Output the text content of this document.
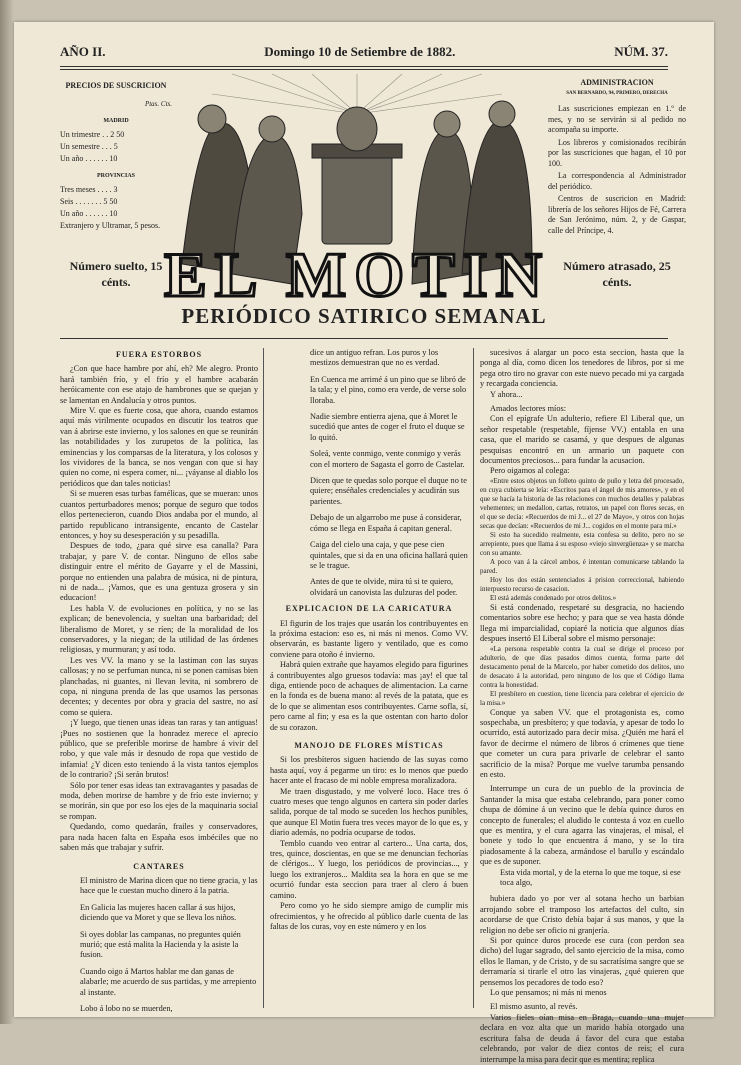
AÑO II.	Domingo 10 de Setiembre de 1882.	NÚM. 37.
PRECIOS DE SUSCRICION
Ptas. Cts.
MADRID
Un trimestre . . 2 50
Un semestre . . . 5
Un año . . . . . . 10
PROVINCIAS
Tres meses . . . . 3
Seis . . . . . . . 5 50
Un año . . . . . . 10
Extranjero y Ultramar, 5 pesos.
Número suelto, 15 cénts. EL MOTIN
ADMINISTRACION
SAN BERNARDO, 94, PRIMERO, DERECHA

Las suscriciones empiezan en 1.º de mes, y no se servirán si al pedido no acompaña su importe.

Los libreros y comisionados recibirán por las suscriciones que hagan, el 10 por 100.

La correspondencia al Administrador del periódico.

Centros de suscricion en Madrid: librería de los señores Hijos de Fé, Carrera de San Jerónimo, núm. 2, y de Gaspar, calle del Príncipe, 4.

Número atrasado, 25 cénts.
PERIÓDICO SATIRICO SEMANAL
FUERA ESTORBOS

¿Con que hace hambre por ahí, eh? Me alegro. Pronto hará también frío, y el frío y el hambre acabarán heróicamente con ese atajo de hambrones que se quejan y se lamentan en Andalucía y otros puntos.

Mire V. que es fuerte cosa, que ahora, cuando estamos aquí más virilmente ocupados en discutir los teatros que van á abrirse este invierno, y los salones en que se reunirán las notabilidades y los zurupetos de la política, las eminencias y los comparsas de la literatura, y los colosos y los vividores de la banca, se nos vengan con que si hay quien no come, ni espera comer, ni... ¡váyanse al diablo los periódicos que dan tales noticias!

Si se mueren esas turbas famélicas, que se mueran: unos cuantos perturbadores menos; porque de seguro que todos ellos pertenecieron, cuando Dios andaba por el mundo, al partido republicano intransigente, encanto de Castelar entonces, y hoy su desesperación y su pesadilla.

Despues de todo, ¿para qué sirve esa canalla? Para trabajar, y pare V. de contar. Ninguno de ellos sabe distinguir entre el mérito de Gayarre y el de Massini, porque no entienden una palabra de música, ni de pintura, ni de nada... ¡Vamos, que es una gentuza grosera y sin educacion!

Les habla V. de evoluciones en política, y no se las explican; de benevolencia, y sueltan una barbaridad; del liberalismo de Moret, y se ríen; de la moralidad de los conservadores, y la niegan; de la utilidad de las órdenes religiosas, y murmuran; y así todo.

Les ves VV. la mano y se la lastiman con las suyas callosas; y no se perfuman nunca, ni se ponen camisas bien planchadas, ni guantes, ni llevan levita, ni sombrero de copa, ni ninguna prenda de las que usamos las personas decentes; y decentes por obra y gracia del sastre, no así como se quiera.

¡Y luego, que tienen unas ideas tan raras y tan antiguas! ¡Pues no sostienen que la honradez merece el aprecio público, que se preferible morirse de hambre á vivir del robo, y que vale más ir desnudo de ropa que vestido de infamia! ¿Y dicen esto teniendo á la vista tantos ejemplos de lo contrario? ¡Si serán brutos!

Sólo por tener esas ideas tan extravagantes y pasadas de moda, deben morirse de hambre y de frío este invierno; y se morirán, sin que por eso los ejes de la maquinaria social se rompan.

Quedando, como quedarán, frailes y conservadores, para nada hacen falta en España esos imbéciles que no saben más que trabajar y sufrir.

CANTARES

El ministro de Marina dicen que no tiene gracia, y las hace que le cuestan mucho dinero á la patria.

En Galicia las mujeres hacen callar á sus hijos, diciendo que va Moret y que se lleva los niños.

Si oyes doblar las campanas, no preguntes quién murió; que está malita la Hacienda y la asiste la fusion.

Cuando oigo á Martos hablar me dan ganas de alabarle; me acuerdo de sus partidas, y me arrepiento al instante.

Lobo á lobo no se muerden,

dice un antiguo refran. Los puros y los mestizos demuestran que no es verdad.

En Cuenca me arrimé á un pino que se libró de la tala; y el pino, como era verde, de verse solo lloraba.

Nadie siembre entierra ajena, que á Moret le sucedió que antes de coger el fruto el duque se lo quitó.

Soleá, vente conmigo, vente conmigo y verás con el mortero de Sagasta el gorro de Castelar.

Dicen que te quedas solo porque el duque no te quiere; enséñales credenciales y acudirán sus parientes.

Debajo de un algarrobo me puse á considerar, cómo se llega en España á capitan general.

Caiga del cielo una caja, y que pese cien quintales, que si da en una oficina hallará quien se le trague.

Antes de que te olvide, mira tú si te quiero, olvidará un canovista las dulzuras del poder.

EXPLICACION DE LA CARICATURA

El figurin de los trajes que usarán los contribuyentes en la próxima estacion: eso es, ni más ni menos. Como VV. observarán, es bastante ligero y ventilado, que es como conviene para otoño é invierno.

Habrá quien extrañe que hayamos elegido para figurines á contribuyentes algo gruesos todavía: mas ¡ay! el que tal diga, entiende poco de achaques de alimentacion. La carne en la fonda es de buena mano: al revés de la patata, que es de lo que se alimentan esos contribuyentes. Carne sofla, sí, pero carne al fin; y esa es la que ostentan con harto dolor de su corazon.

MANOJO DE FLORES MÍSTICAS

Si los presbíteros siguen haciendo de las suyas como hasta aquí, voy á pegarme un tiro: es lo menos que puedo hacer ante el fracaso de mi noble empresa moralizadora.

Me traen disgustado, y me volveré loco. Hace tres ó cuatro meses que tengo algunos en cartera sin poder darles salida, porque de tal modo se suceden los hechos punibles, que aunque El Motin fuera tres veces mayor de lo que es, y diario además, no podría ocuparse de todos.

Temblo cuando veo entrar al cartero... Una carta, dos, tres, quince, doscientas, en que se me denuncian fechorías de clérigos... Y luego, los periódicos de provincias..., y luego los extranjeros... Maldita sea la hora en que se me ocurrió fundar esta seccion para traer al clero á buen camino.

Pero como yo he sido siempre amigo de cumplir mis ofrecimientos, y he ofrecido al público darle cuenta de las faltas de los curas, voy en este número y en los

sucesivos á alargar un poco esta seccion, hasta que la ponga al día, como dicen los tenedores de libros, por si me pega otro tiro no gravar con este nuevo pecado mi ya cargada y recargada conciencia.

Y ahora...

Amados lectores míos:

Con el epígrafe Un adulterio, refiere El Liberal que, un señor respetable (respetable, fíjense VV.) entabla en una casa, que el marido se casamá, y que despues de algunas pesquisas encontró en un armario un paquete con documentos preciosos... para fundar la acusacion.

Pero oigamos al colega:

«Entre estos objetos un folleto quinto de puño y letra del procesado, en cuya cubierta se leía: «Escritos para el ángel de mis amores», y en el que se hacía la historia de las relaciones con muchos detalles y palabras vehementes; un medallon, cartas, retratos, un papel con flores secas, en el que se decía: «Recuerdos de mi J... el 27 de Mayo», y otros con hojas secas que decían: «Recuerdos de mi J... cogidos en el monte para mí.»

Si esto ha sucedido realmente, esta confesa su delito, pero no se arrepiente, pues que llama á su esposo «viejo sinvergüenza» y se marcha con su amante.

A poco van á la cárcel ambos, é intentan comunicarse tablando la pared.

Hoy los dos están sentenciados á prision correccional, habiendo interpuesto recurso de casacion.

El está además condenado por otros delitos.»

Si está condenado, respetaré su desgracia, no haciendo comentarios sobre ese hecho; y para que se vea hasta dónde llega mi imparcialidad, copiaré la noticia que algunos días despues insertó El Liberal sobre el mismo personaje:

«La persona respetable contra la cual se dirige el proceso por adulterio, de que días pasados dimos cuenta, forma parte del destacamento penal de la Marcelo, por haber cometido dos delitos, uno de desacato á la autoridad, pero ninguno de los que el Código llama contra la honestidad.

El presbítero en cuestion, tiene licencia para celebrar el ejercicio de la misa.»

Conque ya saben VV. que el protagonista es, como sospechaba, un presbítero; y que todavía, y apesar de todo lo ocurrido, está autorizado para decir misa. ¿Quién me hará el favor de decirme el número de libros ó crímenes que tiene que cometer un cura para privarle de celebrar el santo sacrificio de la misa? Porque me vuelve tarumba pensando en esto.

Interrumpe un cura de un pueblo de la provincia de Santander la misa que estaba celebrando, para poner como chupa de dómine á un vecino que le debía quince duros en concepto de funerales; el aludido le contesta á voz en cuello que es mentira, y el cura agarra las vinajeras, el misal, el bonete y todo lo que encuentra á mano, y se lo tira piadosamente á la cabeza, armándose el barullo y escándalo que es de suponer.

Esta vida mortal, y de la eterna lo que me toque, si ese toca algo,

hubiera dado yo por ver al sotana hecho un barbian arrojando sobre el tramposo los artefactos del culto, sin acordarse de que Cristo debía bajar á sus manos, y que la religion no debe ser oficio ni granjería.

Si por quince duros procede ese cura (con perdon sea dicho) del lugar sagrado, del santo ejercicio de la misa, como ellos le llaman, y de Cristo, y de su sacratísima sangre que se derramaría si tirarle el otro las vinajeras, ¿qué quieren que pensemos los pecadores de todo eso?

Lo que pensamos; ni más ni menos

El mismo asunto, al revés.

Varios fieles oían misa en Braga, cuando una mujer declara en voz alta que un marido había otorgado una escritura falsa de deuda á favor del cura que estaba celebrando, por valor de diez contos de reis; el cura interrumpe la misa para decir que es mentira; replica
